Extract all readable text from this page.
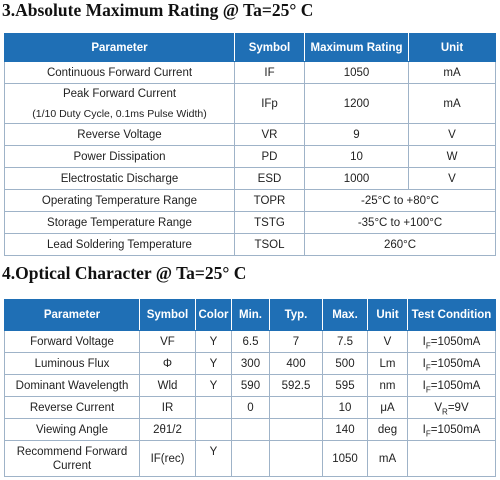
3.Absolute Maximum Rating @ Ta=25° C
Parameter	Symbol	Maximum Rating	Unit
Continuous Forward Current	IF	1050	mA

Peak Forward Current
(1/10 Duty Cycle, 0.1ms Pulse Width)	IFp	1200	mA
Reverse Voltage	VR	9	V
Power Dissipation	PD	10	W
Electrostatic Discharge	ESD	1000	V
Operating Temperature Range	TOPR	-25°C to +80°C	
Storage Temperature Range	TSTG	-35°C to +100°C	
Lead Soldering Temperature	TSOL	260°C	
4.Optical Character @ Ta=25° C
Parameter	Symbol	Color	Min.	Typ.	Max.	Unit	Test Condition
Forward Voltage	VF	Y	6.5	7	7.5	V	$I_F=1050mA$
Luminous Flux	Φ	Y	300	400	500	Lm	$I_F=1050mA$
Dominant Wavelength	Wld	Y	590	592.5	595	nm	$I_F=1050mA$
Reverse Current	IR		0		10	μA	$V_R=9V$
Viewing Angle	2θ1/2				140	deg	$I_F=1050mA$
Recommend Forward Current	IF(rec)	Y			1050	mA	
